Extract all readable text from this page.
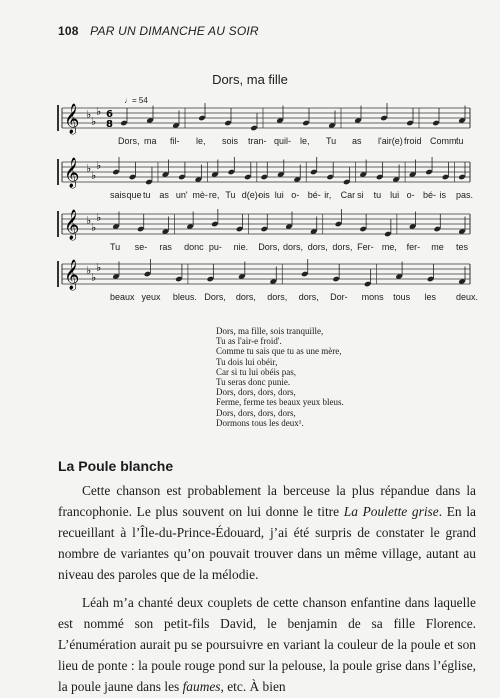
108 PAR UN DIMANCHE AU SOIR
Dors, ma fille
♩= 54
𝄞 ♭
♭
♭ 6
8
𝄞 ♭
♭
♭
𝄞 ♭
♭
♭
𝄞 ♭
♭
♭
Dors, ma fil- le, sois tran- quil- le, Tu as l'air(e) froid Comm'
tu
sais que tu as un' mè- re, Tu d(e)-
ois lui o- bé- ir, Car si tu lui o- bé- is pas.
Tu se- ras donc pu- nie. Dors, dors, dors, dors, Fer- me, fer- me tes
beaux yeux bleus. Dors, dors, dors, dors, Dor- mons tous les deux.
Dors, ma fille, sois tranquille,
Tu as l'air-e froid'.
Comme tu sais que tu as une mère,
Tu dois lui obéir,
Car si tu lui obéis pas,
Tu seras donc punie.
Dors, dors, dors, dors,
Ferme, ferme tes beaux yeux bleus.
Dors, dors, dors, dors,
Dormons tous les deux¹.
La Poule blanche

Cette chanson est probablement la berceuse la plus répandue dans la francophonie. Le plus souvent on lui donne le titre La Poulette grise. En la recueillant à l’Île-du-Prince-Édouard, j’ai été surpris de constater le grand nombre de variantes qu’on pouvait trouver dans un même village, autant au niveau des paroles que de la mélodie.

Léah m’a chanté deux couplets de cette chanson enfantine dans laquelle est nommé son petit-fils David, le benjamin de sa fille Florence. L’énumération aurait pu se poursuivre en variant la couleur de la poule et son lieu de ponte : la poule rouge pond sur la pelouse, la poule grise dans l’église, la poule jaune dans les faumes, etc. À bien
